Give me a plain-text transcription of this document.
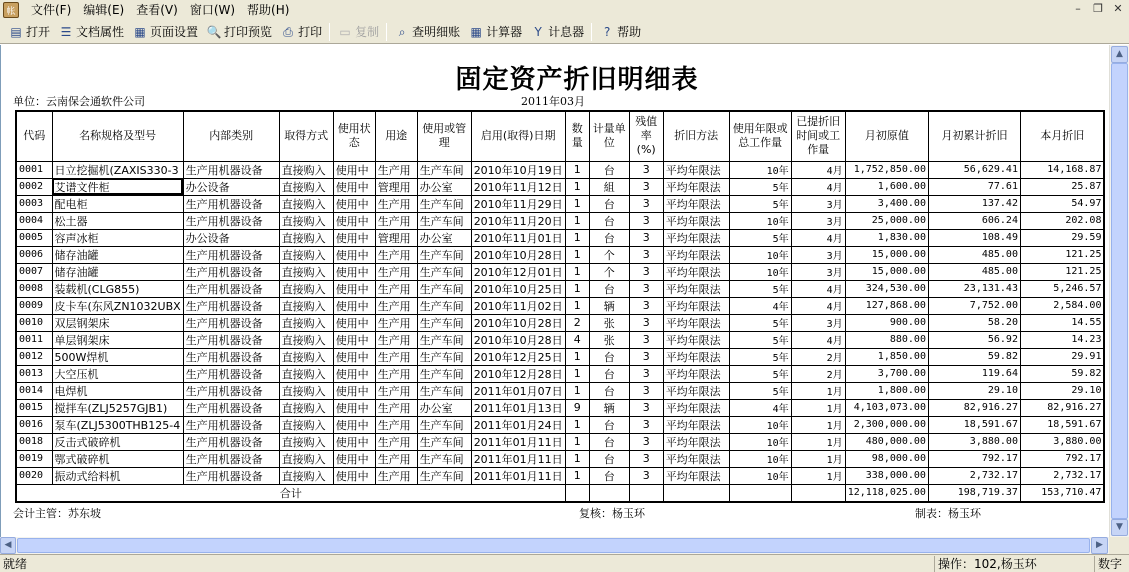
帐	文件(F)	编辑(E)	查看(V)	窗口(W)	帮助(H)	–	❐ ✕
▤ 打开 ☰ 文档属性 ▦ 页面设置 🔍 打印预览 ⎙ 打印 ▭ 复制	⌕ 查明细账 ▦ 计算器	Y 计息器	? 帮助
固定资产折旧明细表
单位：云南保会通软件公司	2011年03月
代码	名称规格及型号	内部类别	取得方式	使用状态	用途	使用或管理	启用(取得)日期	数量	计量单位	残值率(%)	折旧方法	使用年限或总工作量	已提折旧时间或工作量	月初原值	月初累计折旧	本月折旧
0001	日立挖掘机(ZAXIS330-3	生产用机器设备	直接购入	使用中	生产用	生产车间	2010年10月19日	1	台	3	平均年限法	10年	4月	1,752,850.00	56,629.41	14,168.87
0002	艾谱文件柜	办公设备	直接购入	使用中	管理用	办公室	2010年11月12日	1	組	3	平均年限法	5年	4月	1,600.00	77.61	25.87
0003	配电柜	生产用机器设备	直接购入	使用中	生产用	生产车间	2010年11月29日	1	台	3	平均年限法	5年	3月	3,400.00	137.42	54.97
0004	松土器	生产用机器设备	直接购入	使用中	生产用	生产车间	2010年11月20日	1	台	3	平均年限法	10年	3月	25,000.00	606.24	202.08
0005	容声冰柜	办公设备	直接购入	使用中	管理用	办公室	2010年11月01日	1	台	3	平均年限法	5年	4月	1,830.00	108.49	29.59
0006	储存油罐	生产用机器设备	直接购入	使用中	生产用	生产车间	2010年10月28日	1	个	3	平均年限法	10年	3月	15,000.00	485.00	121.25
0007	储存油罐	生产用机器设备	直接购入	使用中	生产用	生产车间	2010年12月01日	1	个	3	平均年限法	10年	3月	15,000.00	485.00	121.25
0008	装载机(CLG855)	生产用机器设备	直接购入	使用中	生产用	生产车间	2010年10月25日	1	台	3	平均年限法	5年	4月	324,530.00	23,131.43	5,246.57
0009	皮卡车(东风ZN1032UBX	生产用机器设备	直接购入	使用中	生产用	生产车间	2010年11月02日	1	辆	3	平均年限法	4年	4月	127,868.00	7,752.00	2,584.00
0010	双层钢架床	生产用机器设备	直接购入	使用中	生产用	生产车间	2010年10月28日	2	张	3	平均年限法	5年	3月	900.00	58.20	14.55
0011	单层钢架床	生产用机器设备	直接购入	使用中	生产用	生产车间	2010年10月28日	4	张	3	平均年限法	5年	4月	880.00	56.92	14.23
0012	500W焊机	生产用机器设备	直接购入	使用中	生产用	生产车间	2010年12月25日	1	台	3	平均年限法	5年	2月	1,850.00	59.82	29.91
0013	大空压机	生产用机器设备	直接购入	使用中	生产用	生产车间	2010年12月28日	1	台	3	平均年限法	5年	2月	3,700.00	119.64	59.82
0014	电焊机	生产用机器设备	直接购入	使用中	生产用	生产车间	2011年01月07日	1	台	3	平均年限法	5年	1月	1,800.00	29.10	29.10
0015	搅拌车(ZLJ5257GJB1)	生产用机器设备	直接购入	使用中	生产用	办公室	2011年01月13日	9	辆	3	平均年限法	4年	1月	4,103,073.00	82,916.27	82,916.27
0016	泵车(ZLJ5300THB125-4	生产用机器设备	直接购入	使用中	生产用	生产车间	2011年01月24日	1	台	3	平均年限法	10年	1月	2,300,000.00	18,591.67	18,591.67
0018	反击式破碎机	生产用机器设备	直接购入	使用中	生产用	生产车间	2011年01月11日	1	台	3	平均年限法	10年	1月	480,000.00	3,880.00	3,880.00
0019	鄂式破碎机	生产用机器设备	直接购入	使用中	生产用	生产车间	2011年01月11日	1	台	3	平均年限法	10年	1月	98,000.00	792.17	792.17
0020	振动式给料机	生产用机器设备	直接购入	使用中	生产用	生产车间	2011年01月11日	1	台	3	平均年限法	10年	1月	338,000.00	2,732.17	2,732.17
合计														12,118,025.00	198,719.37	153,710.47
会计主管：苏东坡	复核：杨玉环	制表：杨玉环
▲
▼
◀	▶
就绪	操作：102,杨玉环	数字
